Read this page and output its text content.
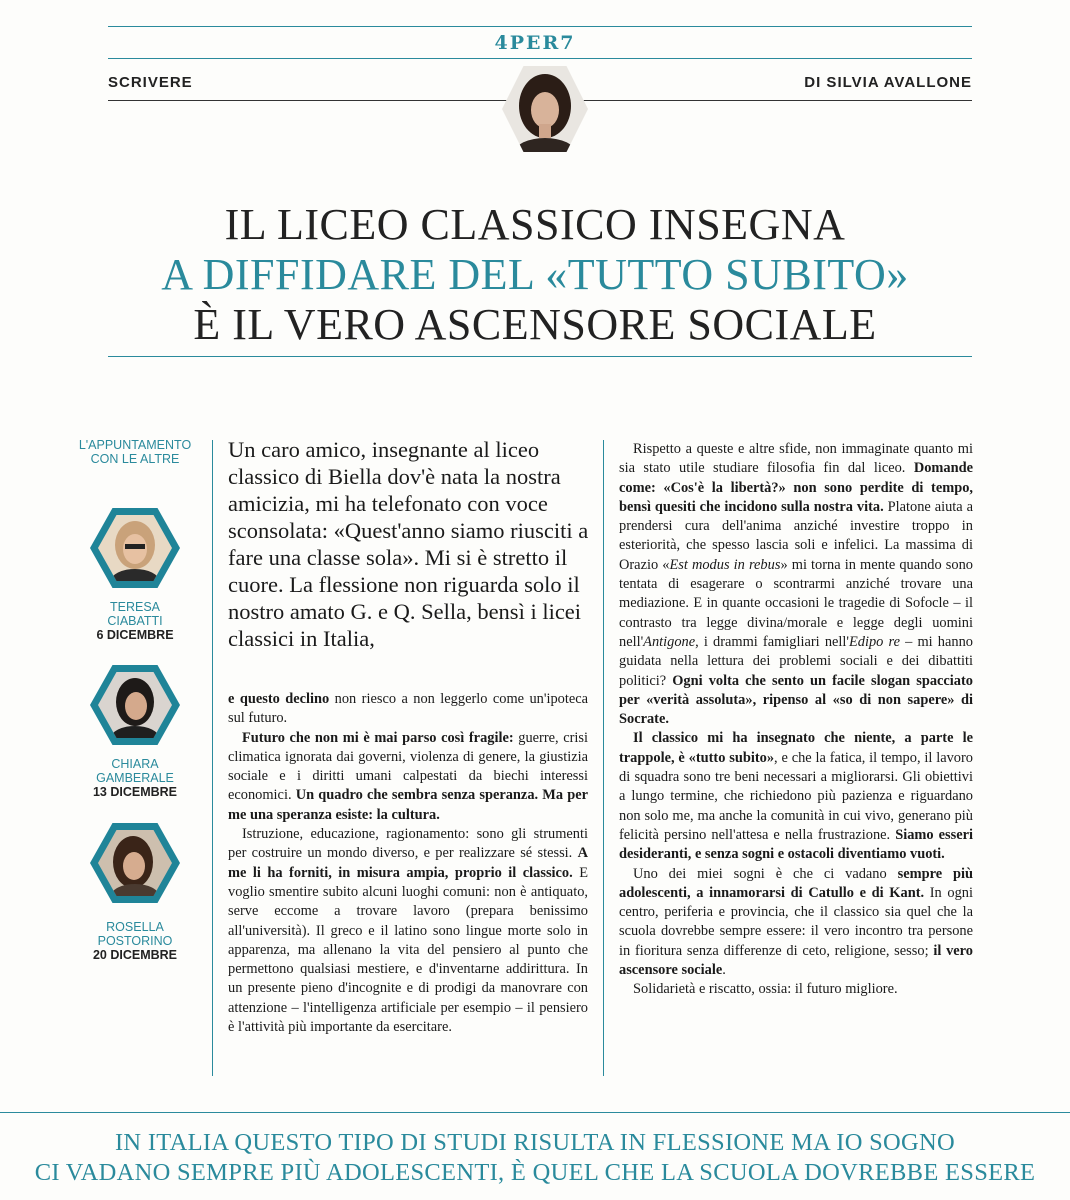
4PER7
SCRIVERE	DI SILVIA AVALLONE
IL LICEO CLASSICO INSEGNA
A DIFFIDARE DEL «TUTTO SUBITO»
È IL VERO ASCENSORE SOCIALE
L'APPUNTAMENTO
CON LE ALTRE
TERESA
CIABATTI
6 DICEMBRE
CHIARA
GAMBERALE
13 DICEMBRE
ROSELLA
POSTORINO
20 DICEMBRE
Un caro amico, insegnante al liceo classico di Biella dov'è nata la nostra amicizia, mi ha telefonato con voce sconsolata: «Quest'anno siamo riusciti a fare una classe sola». Mi si è stretto il cuore. La flessione non riguarda solo il nostro amato G. e Q. Sella, bensì i licei classici in Italia,

e questo declino non riesco a non leggerlo come un'ipoteca sul futuro.

Futuro che non mi è mai parso così fragile: guerre, crisi climatica ignorata dai governi, violenza di genere, la giustizia sociale e i diritti umani calpestati da biechi interessi economici. Un quadro che sembra senza speranza. Ma per me una speranza esiste: la cultura.

Istruzione, educazione, ragionamento: sono gli strumenti per costruire un mondo diverso, e per realizzare sé stessi. A me li ha forniti, in misura ampia, proprio il classico. E voglio smentire subito alcuni luoghi comuni: non è antiquato, serve eccome a trovare lavoro (prepara benissimo all'università). Il greco e il latino sono lingue morte solo in apparenza, ma allenano la vita del pensiero al punto che permettono qualsiasi mestiere, e d'inventarne addirittura. In un presente pieno d'incognite e di prodigi da manovrare con attenzione – l'intelligenza artificiale per esempio – il pensiero è l'attività più importante da esercitare.

Rispetto a queste e altre sfide, non immaginate quanto mi sia stato utile studiare filosofia fin dal liceo. Domande come: «Cos'è la libertà?» non sono perdite di tempo, bensì quesiti che incidono sulla nostra vita. Platone aiuta a prendersi cura dell'anima anziché investire troppo in esteriorità, che spesso lascia soli e infelici. La massima di Orazio «Est modus in rebus» mi torna in mente quando sono tentata di esagerare o scontrarmi anziché trovare una mediazione. E in quante occasioni le tragedie di Sofocle – il contrasto tra legge divina/morale e legge degli uomini nell'Antigone, i drammi famigliari nell'Edipo re – mi hanno guidata nella lettura dei problemi sociali e dei dibattiti politici? Ogni volta che sento un facile slogan spacciato per «verità assoluta», ripenso al «so di non sapere» di Socrate.

Il classico mi ha insegnato che niente, a parte le trappole, è «tutto subito», e che la fatica, il tempo, il lavoro di squadra sono tre beni necessari a migliorarsi. Gli obiettivi a lungo termine, che richiedono più pazienza e riguardano non solo me, ma anche la comunità in cui vivo, generano più felicità persino nell'attesa e nella frustrazione. Siamo esseri desideranti, e senza sogni e ostacoli diventiamo vuoti.

Uno dei miei sogni è che ci vadano sempre più adolescenti, a innamorarsi di Catullo e di Kant. In ogni centro, periferia e provincia, che il classico sia quel che la scuola dovrebbe sempre essere: il vero incontro tra persone in fioritura senza differenze di ceto, religione, sesso; il vero ascensore sociale.

Solidarietà e riscatto, ossia: il futuro migliore.

IN ITALIA QUESTO TIPO DI STUDI RISULTA IN FLESSIONE MA IO SOGNO
CI VADANO SEMPRE PIÙ ADOLESCENTI, È QUEL CHE LA SCUOLA DOVREBBE ESSERE
